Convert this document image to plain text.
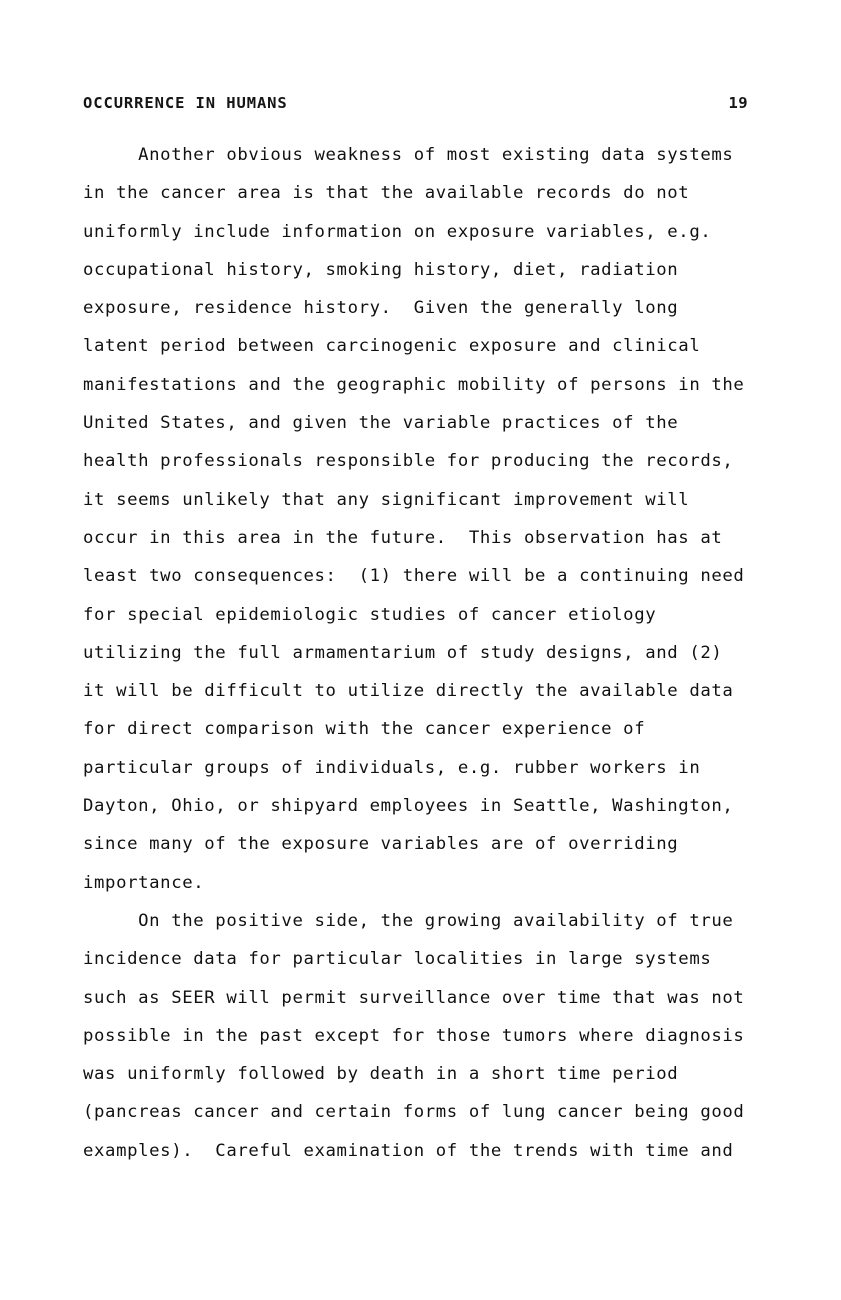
OCCURRENCE IN HUMANS	19
Another obvious weakness of most existing data systems
in the cancer area is that the available records do not
uniformly include information on exposure variables, e.g.
occupational history, smoking history, diet, radiation
exposure, residence history.  Given the generally long
latent period between carcinogenic exposure and clinical
manifestations and the geographic mobility of persons in the
United States, and given the variable practices of the
health professionals responsible for producing the records,
it seems unlikely that any significant improvement will
occur in this area in the future.  This observation has at
least two consequences:  (1) there will be a continuing need
for special epidemiologic studies of cancer etiology
utilizing the full armamentarium of study designs, and (2)
it will be difficult to utilize directly the available data
for direct comparison with the cancer experience of
particular groups of individuals, e.g. rubber workers in
Dayton, Ohio, or shipyard employees in Seattle, Washington,
since many of the exposure variables are of overriding
importance.
On the positive side, the growing availability of true
incidence data for particular localities in large systems
such as SEER will permit surveillance over time that was not
possible in the past except for those tumors where diagnosis
was uniformly followed by death in a short time period
(pancreas cancer and certain forms of lung cancer being good
examples).  Careful examination of the trends with time and
